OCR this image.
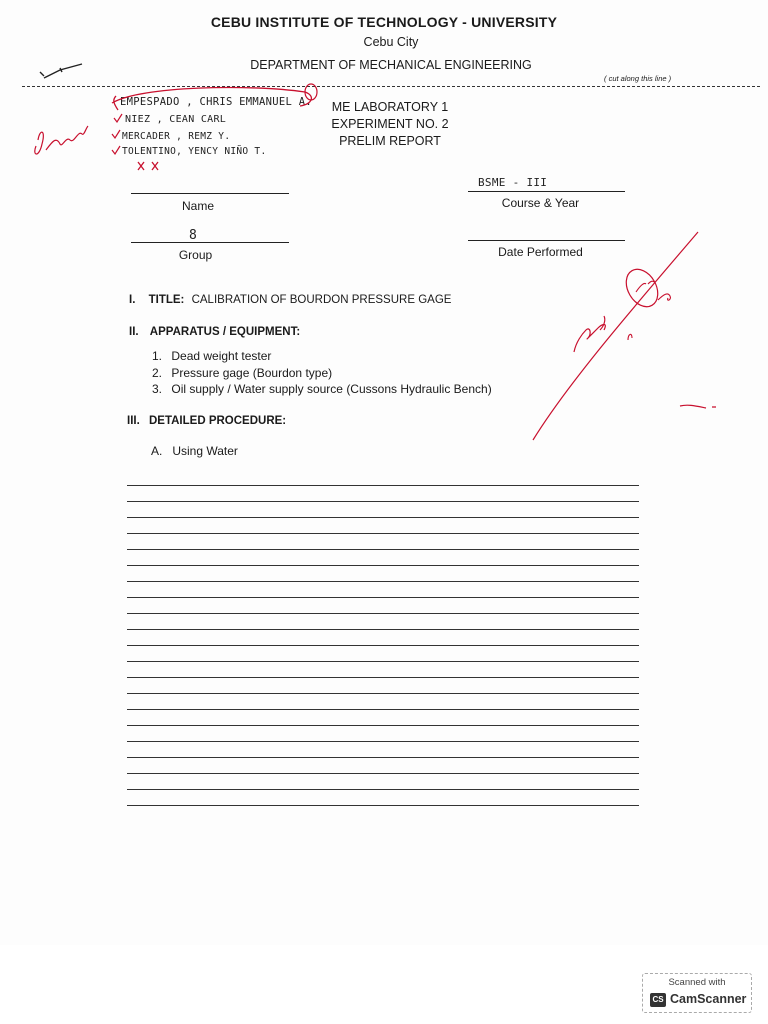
CEBU INSTITUTE OF TECHNOLOGY - UNIVERSITY
Cebu City
DEPARTMENT OF MECHANICAL ENGINEERING
( cut along this line )
ME LABORATORY 1
EXPERIMENT NO. 2
PRELIM REPORT
EMPESPADO , CHRIS EMMANUEL A.
NIEZ , CEAN CARL
MERCADER , REMZ Y.
TOLENTINO, YENCY NIÑO T.
BSME - III
8
Name	Course & Year
Group	Date Performed
I. TITLE: CALIBRATION OF BOURDON PRESSURE GAGE
II. APPARATUS / EQUIPMENT:
1. Dead weight tester
2. Pressure gage (Bourdon type)
3. Oil supply / Water supply source (Cussons Hydraulic Bench)
III. DETAILED PROCEDURE:
A.   Using Water
Scanned with
CS CamScanner
